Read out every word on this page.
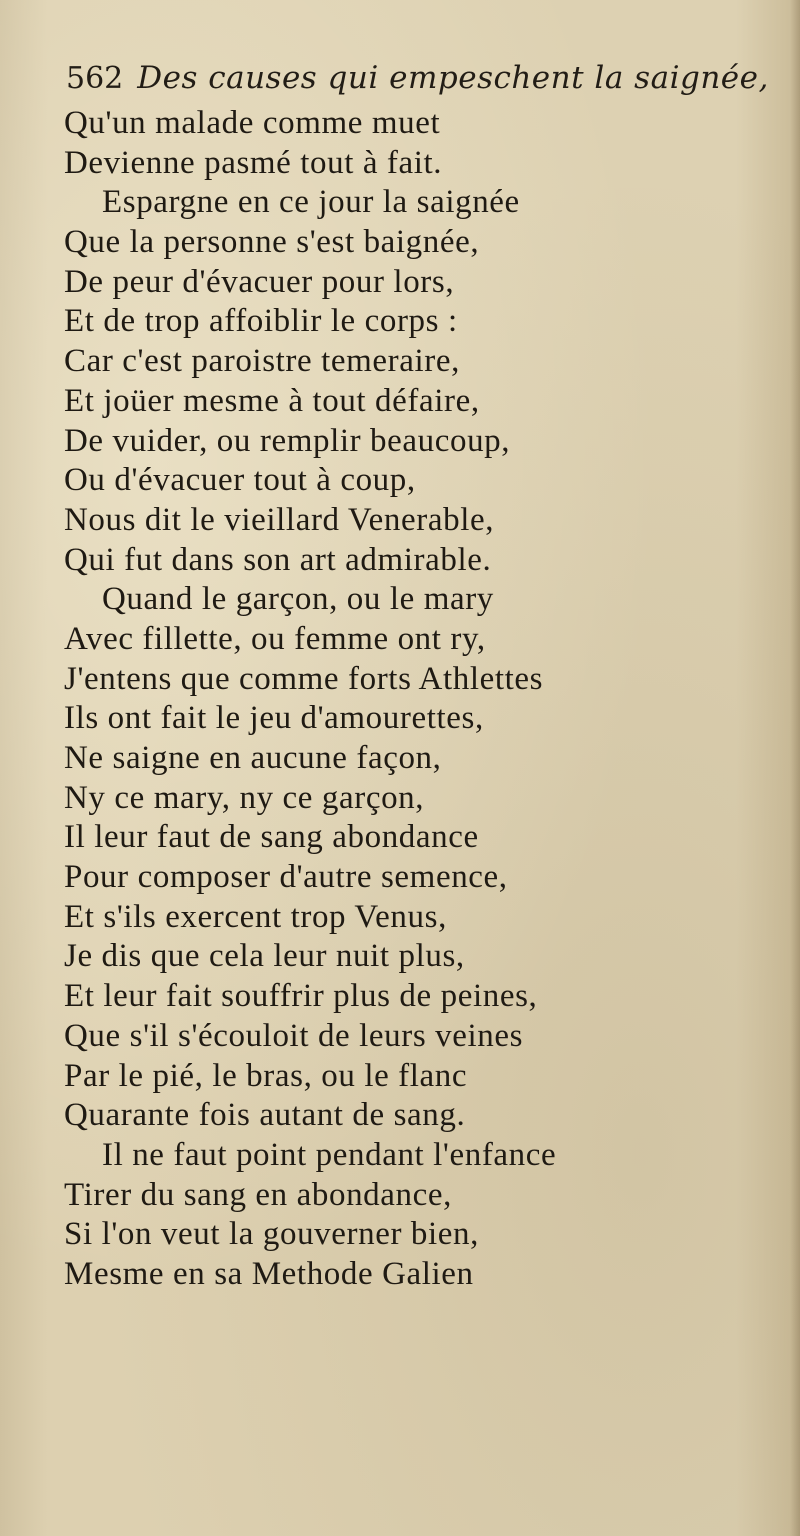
562 Des causes qui empeschent la saignée,
Qu'un malade comme muet
Devienne pasmé tout à fait.
Espargne en ce jour la saignée
Que la personne s'est baignée,
De peur d'évacuer pour lors,
Et de trop affoiblir le corps :
Car c'est paroistre temeraire,
Et joüer mesme à tout défaire,
De vuider, ou remplir beaucoup,
Ou d'évacuer tout à coup,
Nous dit le vieillard Venerable,
Qui fut dans son art admirable.
Quand le garçon, ou le mary
Avec fillette, ou femme ont ry,
J'entens que comme forts Athlettes
Ils ont fait le jeu d'amourettes,
Ne saigne en aucune façon,
Ny ce mary, ny ce garçon,
Il leur faut de sang abondance
Pour composer d'autre semence,
Et s'ils exercent trop Venus,
Je dis que cela leur nuit plus,
Et leur fait souffrir plus de peines,
Que s'il s'écouloit de leurs veines
Par le pié, le bras, ou le flanc
Quarante fois autant de sang.
Il ne faut point pendant l'enfance
Tirer du sang en abondance,
Si l'on veut la gouverner bien,
Mesme en sa Methode Galien
